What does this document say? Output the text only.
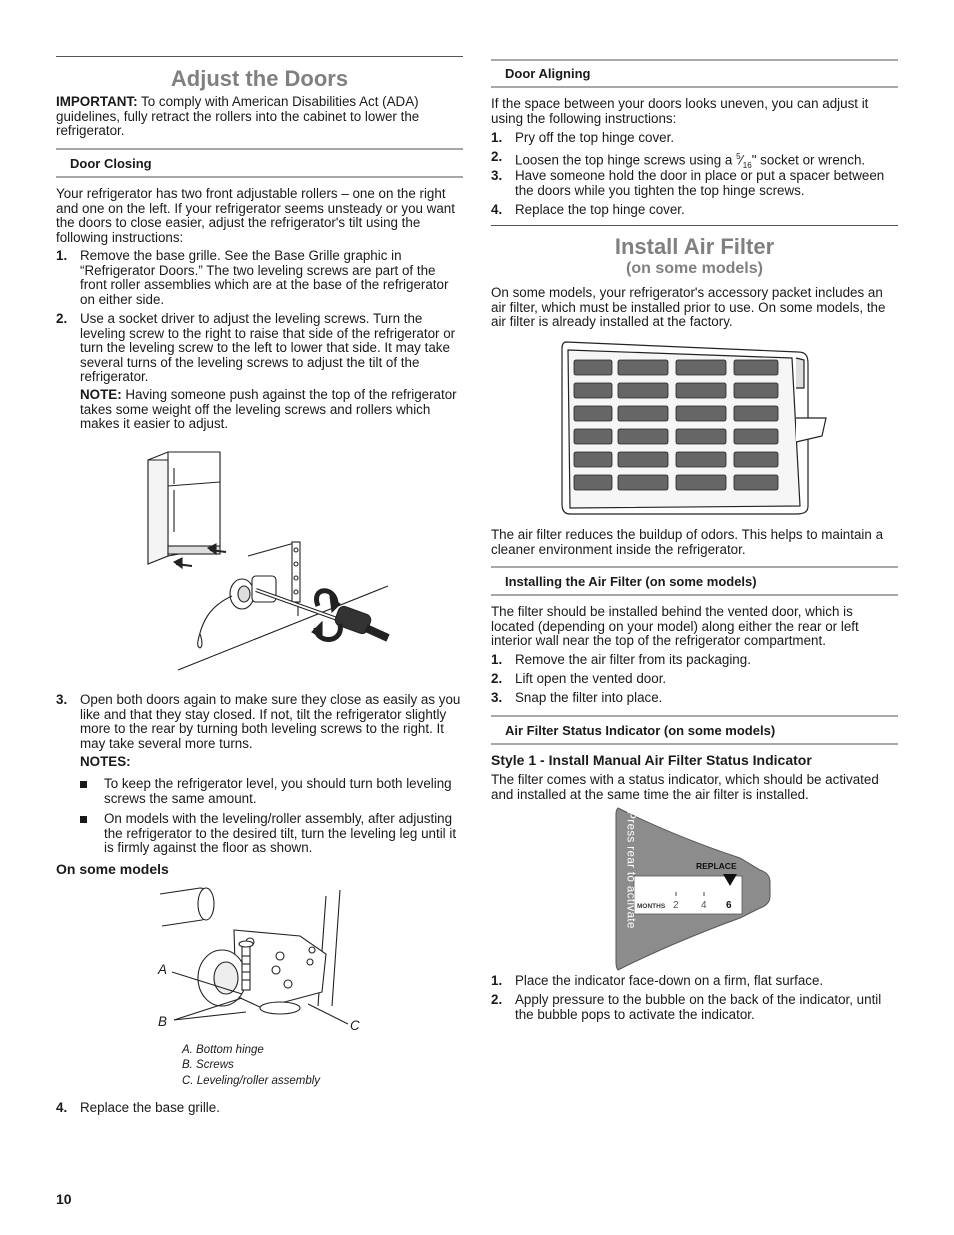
Adjust the Doors
IMPORTANT: To comply with American Disabilities Act (ADA) guidelines, fully retract the rollers into the cabinet to lower the refrigerator.
Door Closing
Your refrigerator has two front adjustable rollers – one on the right and one on the left. If your refrigerator seems unsteady or you want the doors to close easier, adjust the refrigerator's tilt using the following instructions:
1. Remove the base grille. See the Base Grille graphic in “Refrigerator Doors.” The two leveling screws are part of the front roller assemblies which are at the base of the refrigerator on either side.
2. Use a socket driver to adjust the leveling screws. Turn the leveling screw to the right to raise that side of the refrigerator or turn the leveling screw to the left to lower that side. It may take several turns of the leveling screws to adjust the tilt of the refrigerator.
NOTE: Having someone push against the top of the refrigerator takes some weight off the leveling screws and rollers which makes it easier to adjust.
3. Open both doors again to make sure they close as easily as you like and that they stay closed. If not, tilt the refrigerator slightly more to the rear by turning both leveling screws to the right. It may take several more turns.
NOTES:
To keep the refrigerator level, you should turn both leveling screws the same amount.
On models with the leveling/roller assembly, after adjusting the refrigerator to the desired tilt, turn the leveling leg until it is firmly against the floor as shown.
On some models
A
B	C
A. Bottom hinge
B. Screws
C. Leveling/roller assembly
4. Replace the base grille.
10
Door Aligning
If the space between your doors looks uneven, you can adjust it using the following instructions:
1. Pry off the top hinge cover.
2. Loosen the top hinge screws using a $^5⁄_{16}$" socket or wrench.
3. Have someone hold the door in place or put a spacer between the doors while you tighten the top hinge screws.
4. Replace the top hinge cover.
Install Air Filter
(on some models)
On some models, your refrigerator's accessory packet includes an air filter, which must be installed prior to use. On some models, the air filter is already installed at the factory.
The air filter reduces the buildup of odors. This helps to maintain a cleaner environment inside the refrigerator.
Installing the Air Filter (on some models)
The filter should be installed behind the vented door, which is located (depending on your model) along either the rear or left interior wall near the top of the refrigerator compartment.
1. Remove the air filter from its packaging.
2. Lift open the vented door.
3. Snap the filter into place.
Air Filter Status Indicator (on some models)
Style 1 - Install Manual Air Filter Status Indicator
The filter comes with a status indicator, which should be activated and installed at the same time the air filter is installed.
Press rear to activate	REPLACE
MONTHS 2 4 6
1. Place the indicator face-down on a firm, flat surface.
2. Apply pressure to the bubble on the back of the indicator, until the bubble pops to activate the indicator.
